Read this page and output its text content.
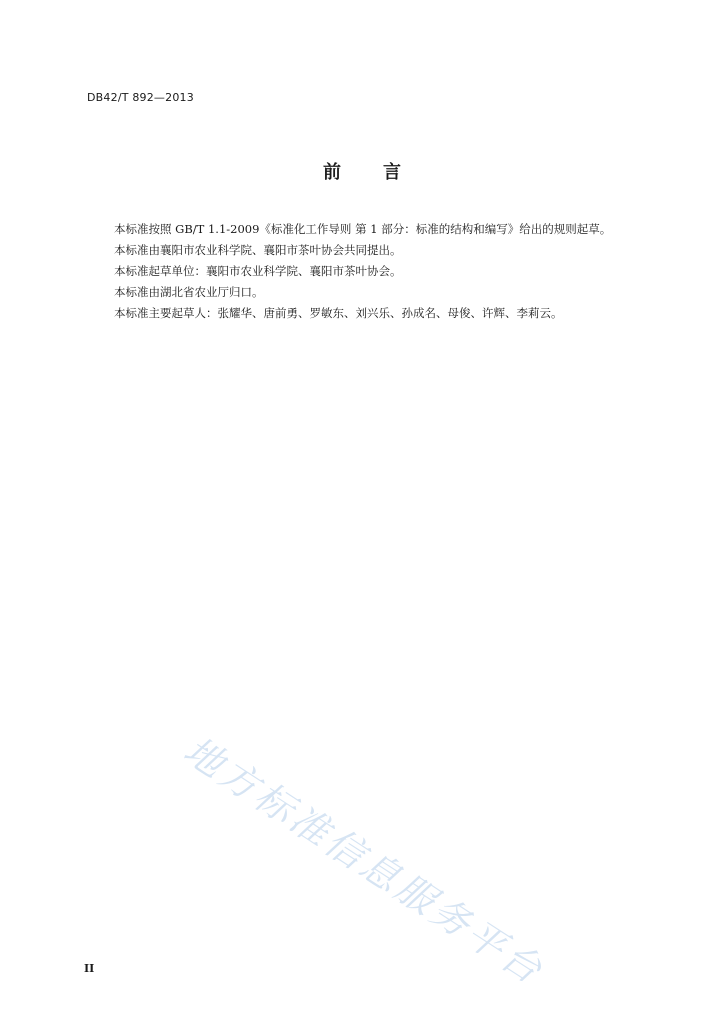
DB42/T 892—2013
前言
本标准按照 GB/T 1.1-2009《标准化工作导则 第 1 部分：标准的结构和编写》给出的规则起草。
本标准由襄阳市农业科学院、襄阳市茶叶协会共同提出。
本标准起草单位：襄阳市农业科学院、襄阳市茶叶协会。
本标准由湖北省农业厅归口。
本标准主要起草人：张耀华、唐前勇、罗敏东、刘兴乐、孙成名、母俊、许辉、李莉云。
地方标准信息服务平台
II
